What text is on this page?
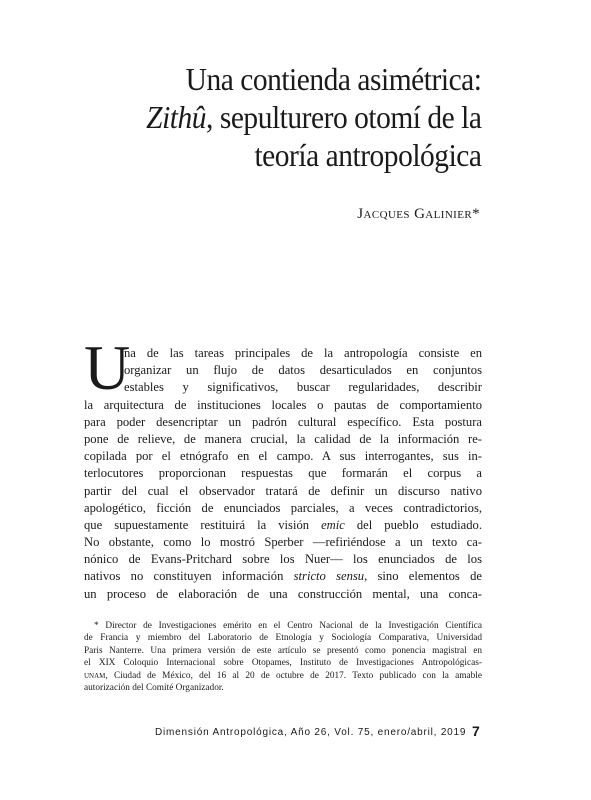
Una contienda asimétrica:
Zithû, sepulturero otomí de la
teoría antropológica
Jacques Galinier*
U
na de las tareas principales de la antropología consiste en
organizar un flujo de datos desarticulados en conjuntos
estables y significativos, buscar regularidades, describir
la arquitectura de instituciones locales o pautas de comportamiento
para poder desencriptar un padrón cultural específico. Esta postura
pone de relieve, de manera crucial, la calidad de la información re-
copilada por el etnógrafo en el campo. A sus interrogantes, sus in-
terlocutores proporcionan respuestas que formarán el corpus a
partir del cual el observador tratará de definir un discurso nativo
apologético, ficción de enunciados parciales, a veces contradictorios,
que supuestamente restituirá la visión emic del pueblo estudiado.
No obstante, como lo mostró Sperber —refiriéndose a un texto ca-
nónico de Evans-Pritchard sobre los Nuer— los enunciados de los
nativos no constituyen información stricto sensu, sino elementos de
un proceso de elaboración de una construcción mental, una conca-
* Director de Investigaciones emérito en el Centro Nacional de la Investigación Científica
de Francia y miembro del Laboratorio de Etnología y Sociología Comparativa, Universidad
Paris Nanterre. Una primera versión de este artículo se presentó como ponencia magistral en
el XIX Coloquio Internacional sobre Otopames, Instituto de Investigaciones Antropológicas-
unam, Ciudad de México, del 16 al 20 de octubre de 2017. Texto publicado con la amable
autorización del Comité Organizador.
Dimensión Antropológica, Año 26, Vol. 75, enero/abril, 2019 7
